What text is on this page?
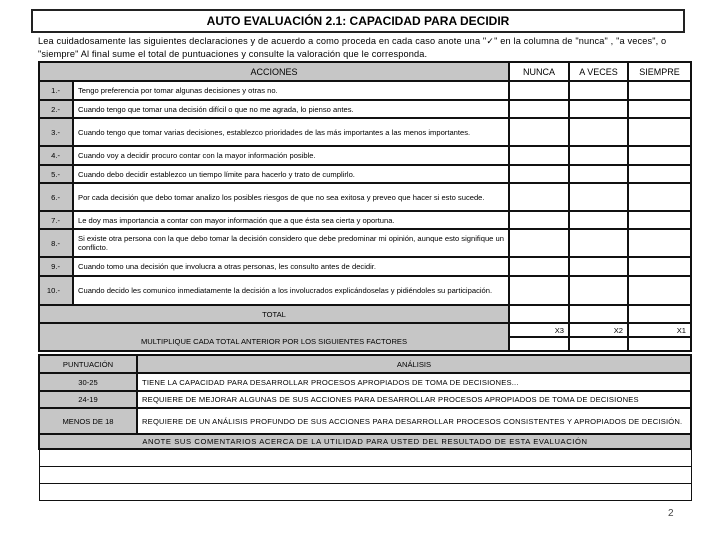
AUTO EVALUACIÓN 2.1: CAPACIDAD PARA DECIDIR
Lea cuidadosamente las siguientes declaraciones y de acuerdo a como proceda en cada caso anote una "✓" en la columna de "nunca" , "a veces", o "siempre" Al final sume el total de puntuaciones y consulte la valoración que le corresponda.
ACCIONES		NUNCA	A VECES	SIEMPRE
1.-	Tengo preferencia por tomar algunas decisiones y otras no.			
2.-	Cuando tengo que tomar una decisión difícil o que no me agrada, lo pienso antes.			
3.-	Cuando tengo que tomar varias decisiones, establezco prioridades de las más importantes a las menos importantes.			
4.-	Cuando voy a decidir procuro contar con la mayor información posible.			
5.-	Cuando debo decidir establezco un tiempo límite para hacerlo y trato de cumplirlo.			
6.-	Por cada decisión que debo tomar analizo los posibles riesgos de que no sea exitosa y preveo que hacer si esto sucede.			
7.-	Le doy mas importancia a contar con mayor información que a que ésta sea cierta y oportuna.			
8.-	Si existe otra persona con la que debo tomar la decisión considero que debe predominar mi opinión, aunque esto signifique un conflicto.			
9.-	Cuando tomo una decisión que involucra a otras personas, les consulto antes de decidir.			
10.-	Cuando decido les comunico inmediatamente la decisión a los involucrados explicándoselas y pidiéndoles su participación.			
TOTAL				
MULTIPLIQUE CADA TOTAL ANTERIOR POR LOS SIGUIENTES FACTORES		X3	X2	X1

PUNTUACIÓN	ANÁLISIS
30-25	TIENE LA CAPACIDAD PARA DESARROLLAR PROCESOS APROPIADOS DE TOMA DE DECISIONES...
24-19	REQUIERE DE MEJORAR ALGUNAS DE SUS ACCIONES PARA DESARROLLAR PROCESOS APROPIADOS DE TOMA DE DECISIONES
MENOS DE 18	REQUIERE DE UN ANÁLISIS PROFUNDO DE SUS ACCIONES PARA DESARROLLAR PROCESOS CONSISTENTES Y APROPIADOS DE DECISIÓN.
ANOTE SUS COMENTARIOS ACERCA DE LA UTILIDAD PARA USTED DEL RESULTADO DE ESTA EVALUACIÓN	

2
